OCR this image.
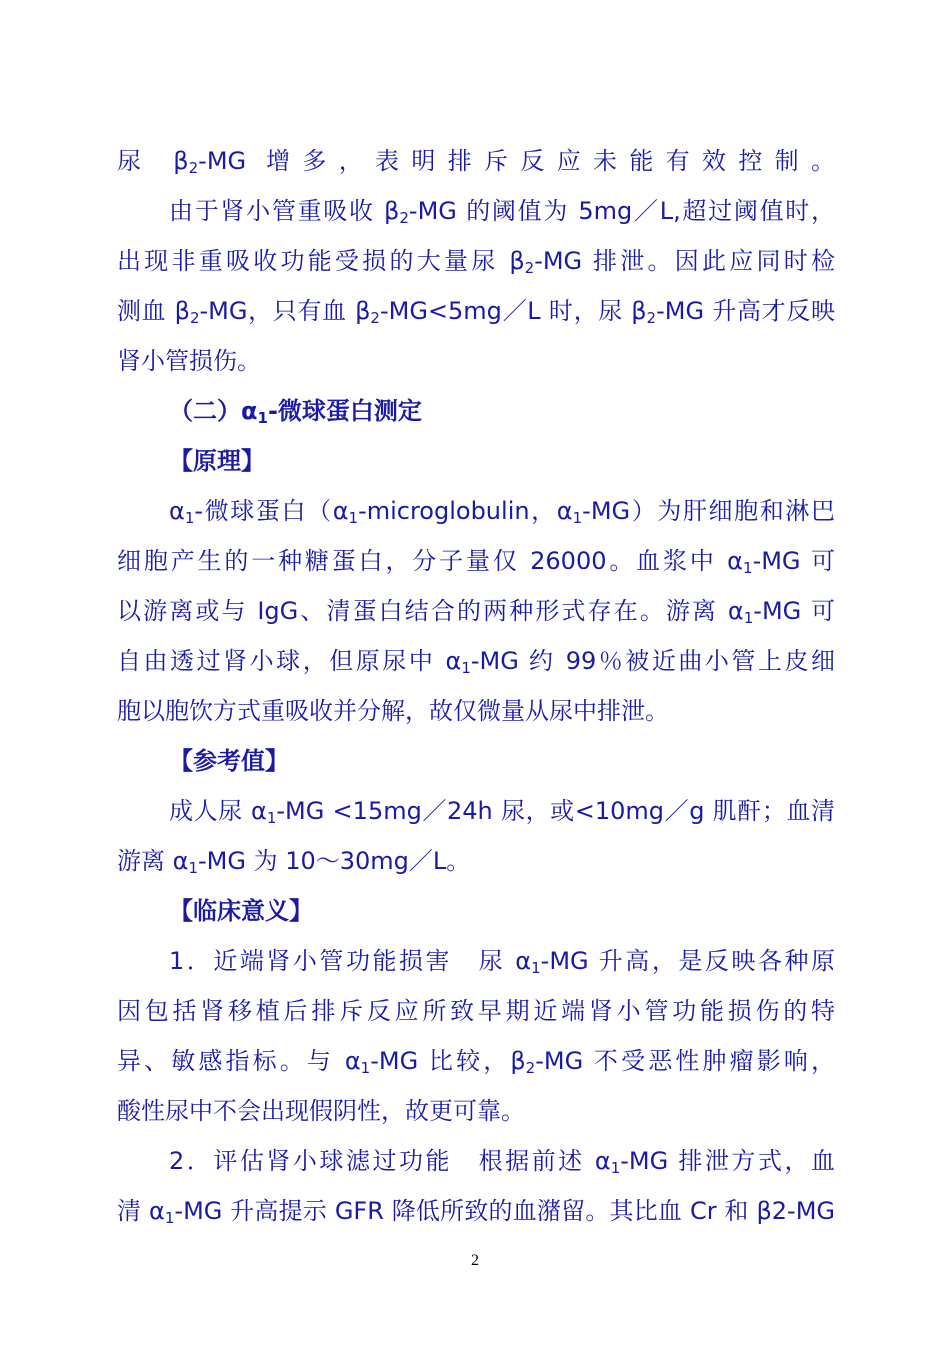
尿 $\beta_2-MG$ 增多，表明排斥反应未能有效控制。
由于肾小管重吸收 $\beta_2-MG$ 的阈值为 5mg／L,超过阈值时，
出现非重吸收功能受损的大量尿 $\beta_2-MG$ 排泄。因此应同时检
测血 $\beta_2-MG$，只有血 $\beta_2-MG<5mg/L$ 时，尿 $\beta_2-MG$ 升高才反映
肾小管损伤。
（二）$\alpha_1-$微球蛋白测定
【原理】
$\alpha_1-$微球蛋白（$\alpha_1$-microglobulin，$\alpha_1-MG$）为肝细胞和淋巴
细胞产生的一种糖蛋白，分子量仅 26000。血浆中 $\alpha_1-MG$ 可
以游离或与 IgG、清蛋白结合的两种形式存在。游离 $\alpha_1-MG$ 可
自由透过肾小球，但原尿中 $\alpha_1-MG$ 约 99％被近曲小管上皮细
胞以胞饮方式重吸收并分解，故仅微量从尿中排泄。
【参考值】
成人尿 $\alpha_1-MG$ <15mg／24h 尿，或<10mg／g 肌酐；血清
游离 $\alpha_1-MG$ 为 10～30mg／L。
【临床意义】
1．近端肾小管功能损害　尿 $\alpha_1-MG$ 升高，是反映各种原
因包括肾移植后排斥反应所致早期近端肾小管功能损伤的特
异、敏感指标。与 $\alpha_1-MG$ 比较，$\beta_2-MG$ 不受恶性肿瘤影响，
酸性尿中不会出现假阴性，故更可靠。
2．评估肾小球滤过功能　根据前述 $\alpha_1-MG$ 排泄方式，血
清 $\alpha_1-MG$ 升高提示 GFR 降低所致的血潴留。其比血 Cr 和 β2-MG
2
